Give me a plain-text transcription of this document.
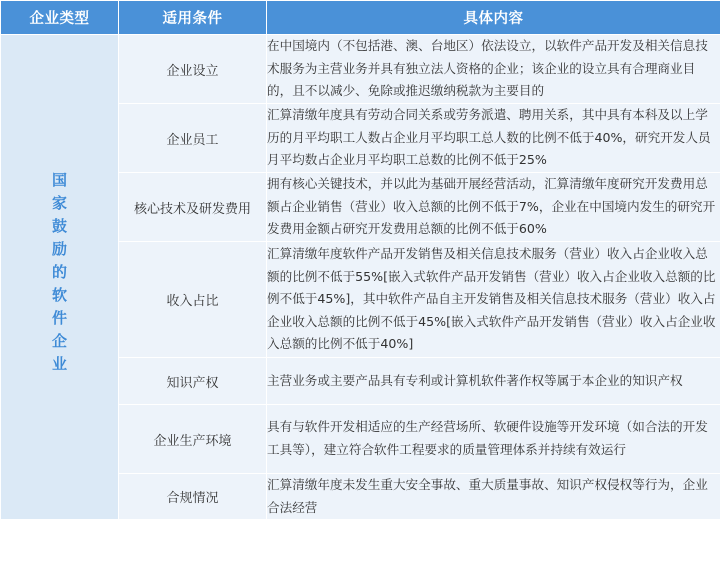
企业类型	适用条件	具体内容
国家鼓励的软件企业	企业设立	在中国境内（不包括港、澳、台地区）依法设立，以软件产品开发及相关信息技术服务为主营业务并具有独立法人资格的企业；该企业的设立具有合理商业目的，且不以减少、免除或推迟缴纳税款为主要目的
	企业员工	汇算清缴年度具有劳动合同关系或劳务派遣、聘用关系，其中具有本科及以上学历的月平均职工人数占企业月平均职工总人数的比例不低于40%，研究开发人员月平均数占企业月平均职工总数的比例不低于25%
	核心技术及研发费用	拥有核心关键技术，并以此为基础开展经营活动，汇算清缴年度研究开发费用总额占企业销售（营业）收入总额的比例不低于7%，企业在中国境内发生的研究开发费用金额占研究开发费用总额的比例不低于60%
	收入占比	汇算清缴年度软件产品开发销售及相关信息技术服务（营业）收入占企业收入总额的比例不低于55%[嵌入式软件产品开发销售（营业）收入占企业收入总额的比例不低于45%]，其中软件产品自主开发销售及相关信息技术服务（营业）收入占企业收入总额的比例不低于45%[嵌入式软件产品开发销售（营业）收入占企业收入总额的比例不低于40%]
	知识产权	主营业务或主要产品具有专利或计算机软件著作权等属于本企业的知识产权
	企业生产环境	具有与软件开发相适应的生产经营场所、软硬件设施等开发环境（如合法的开发工具等），建立符合软件工程要求的质量管理体系并持续有效运行
	合规情况	汇算清缴年度未发生重大安全事故、重大质量事故、知识产权侵权等行为，企业合法经营
